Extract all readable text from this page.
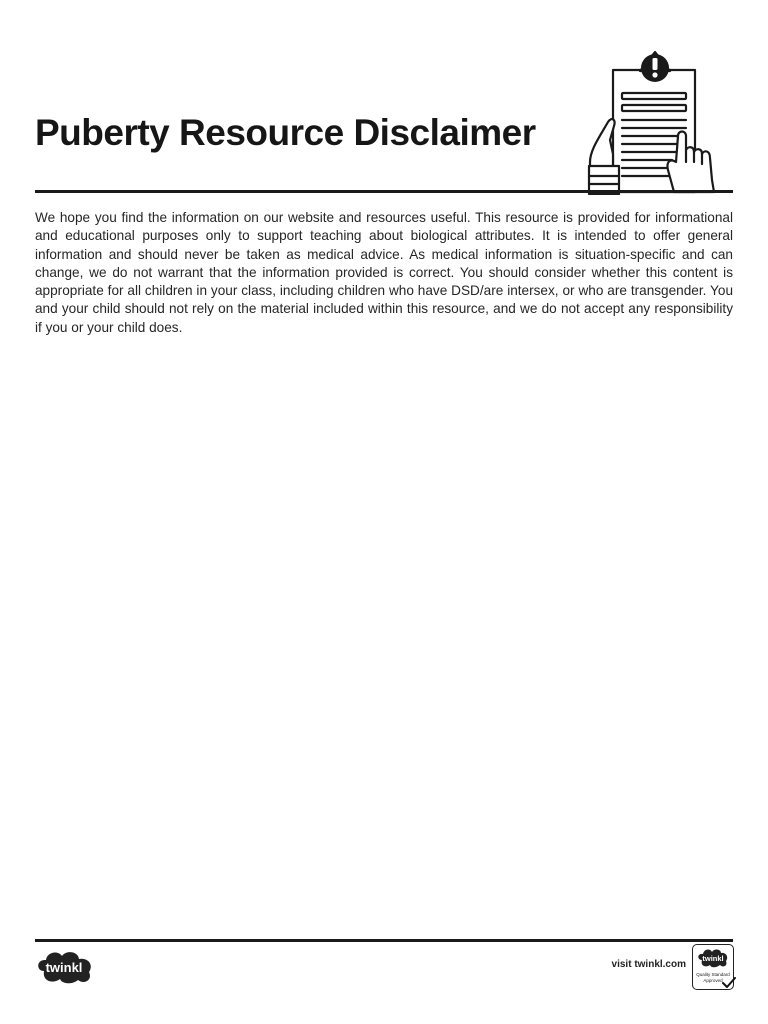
Puberty Resource Disclaimer

We hope you find the information on our website and resources useful. This resource is provided for informational and educational purposes only to support teaching about biological attributes. It is intended to offer general information and should never be taken as medical advice. As medical information is situation-specific and can change, we do not warrant that the information provided is correct. You should consider whether this content is appropriate for all children in your class, including children who have DSD/are intersex, or who are transgender. You and your child should not rely on the material included within this resource, and we do not accept any responsibility if you or your child does.

twinkl	visit twinkl.com
twinkl
Quality Standard
Approved
